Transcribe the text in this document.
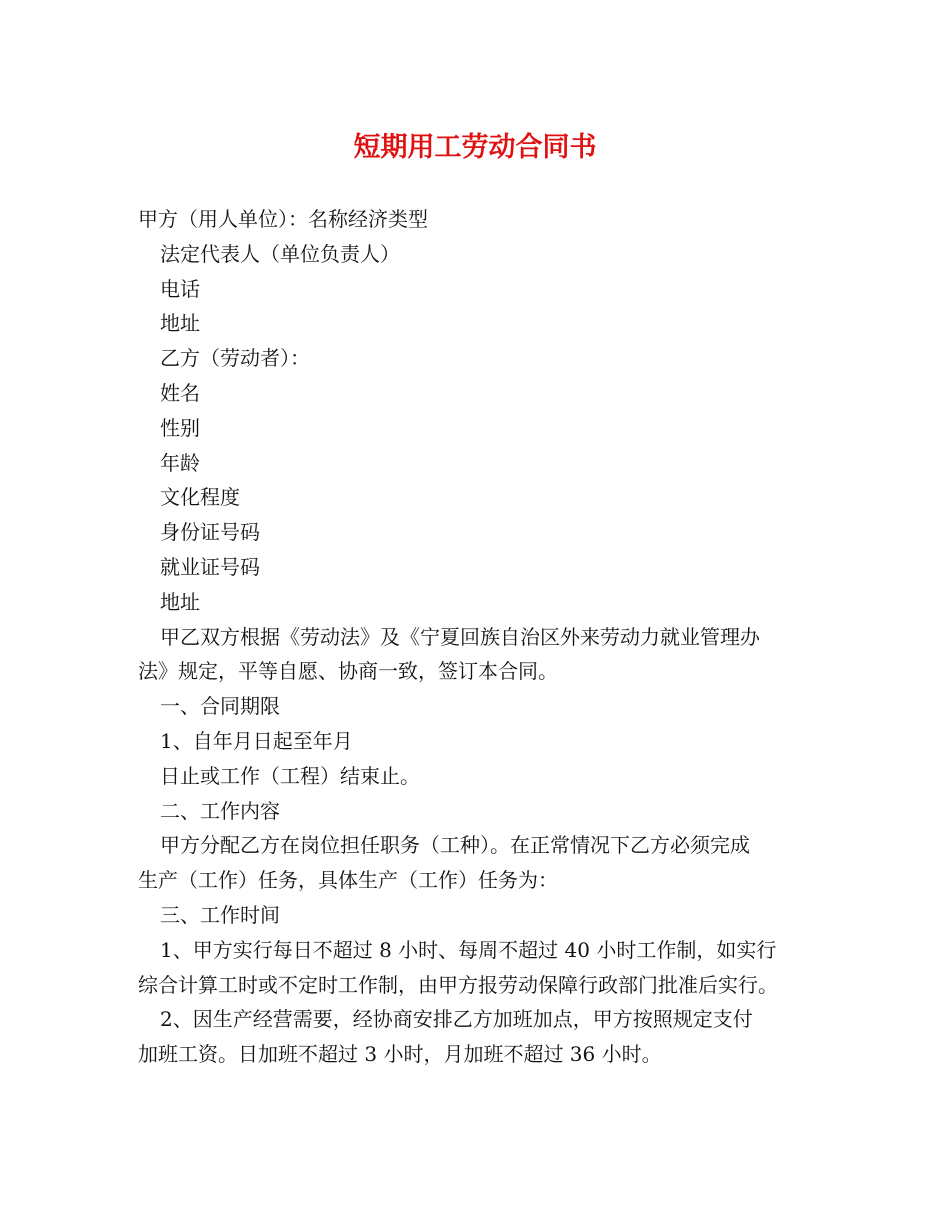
短期用工劳动合同书

甲方（用人单位）：名称经济类型

法定代表人（单位负责人）

电话

地址

乙方（劳动者）：

姓名

性别

年龄

文化程度

身份证号码

就业证号码

地址

甲乙双方根据《劳动法》及《宁夏回族自治区外来劳动力就业管理办

法》规定，平等自愿、协商一致，签订本合同。

一、合同期限

1、自年月日起至年月

日止或工作（工程）结束止。

二、工作内容

甲方分配乙方在岗位担任职务（工种）。在正常情况下乙方必须完成

生产（工作）任务，具体生产（工作）任务为：

三、工作时间

1、甲方实行每日不超过 8 小时、每周不超过 40 小时工作制，如实行

综合计算工时或不定时工作制，由甲方报劳动保障行政部门批准后实行。

2、因生产经营需要，经协商安排乙方加班加点，甲方按照规定支付

加班工资。日加班不超过 3 小时，月加班不超过 36 小时。
